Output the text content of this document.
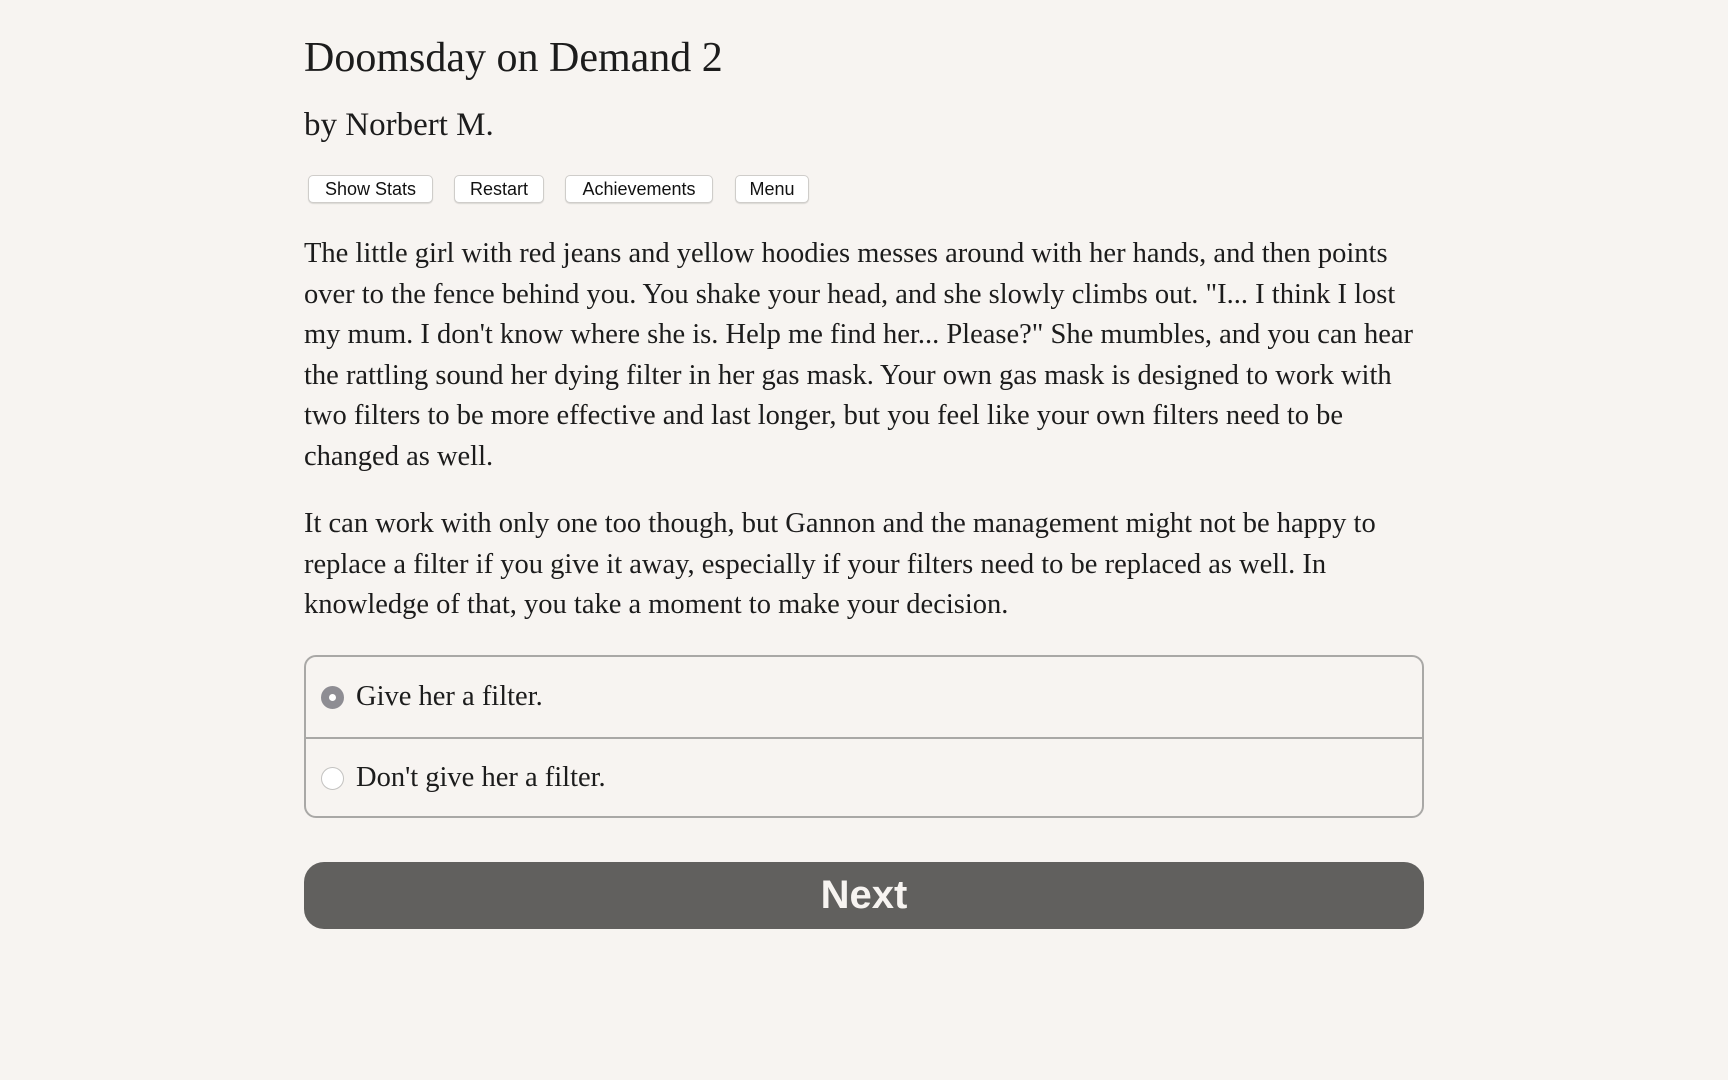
Doomsday on Demand 2
by Norbert M.
Show Stats	Restart	Achievements	Menu

The little girl with red jeans and yellow hoodies messes around with her hands, and then points over to the fence behind you. You shake your head, and she slowly climbs out. "I... I think I lost my mum. I don't know where she is. Help me find her... Please?" She mumbles, and you can hear the rattling sound her dying filter in her gas mask. Your own gas mask is designed to work with two filters to be more effective and last longer, but you feel like your own filters need to be changed as well.

It can work with only one too though, but Gannon and the management might not be happy to replace a filter if you give it away, especially if your filters need to be replaced as well. In knowledge of that, you take a moment to make your decision.

Give her a filter.
Don't give her a filter.
Next
